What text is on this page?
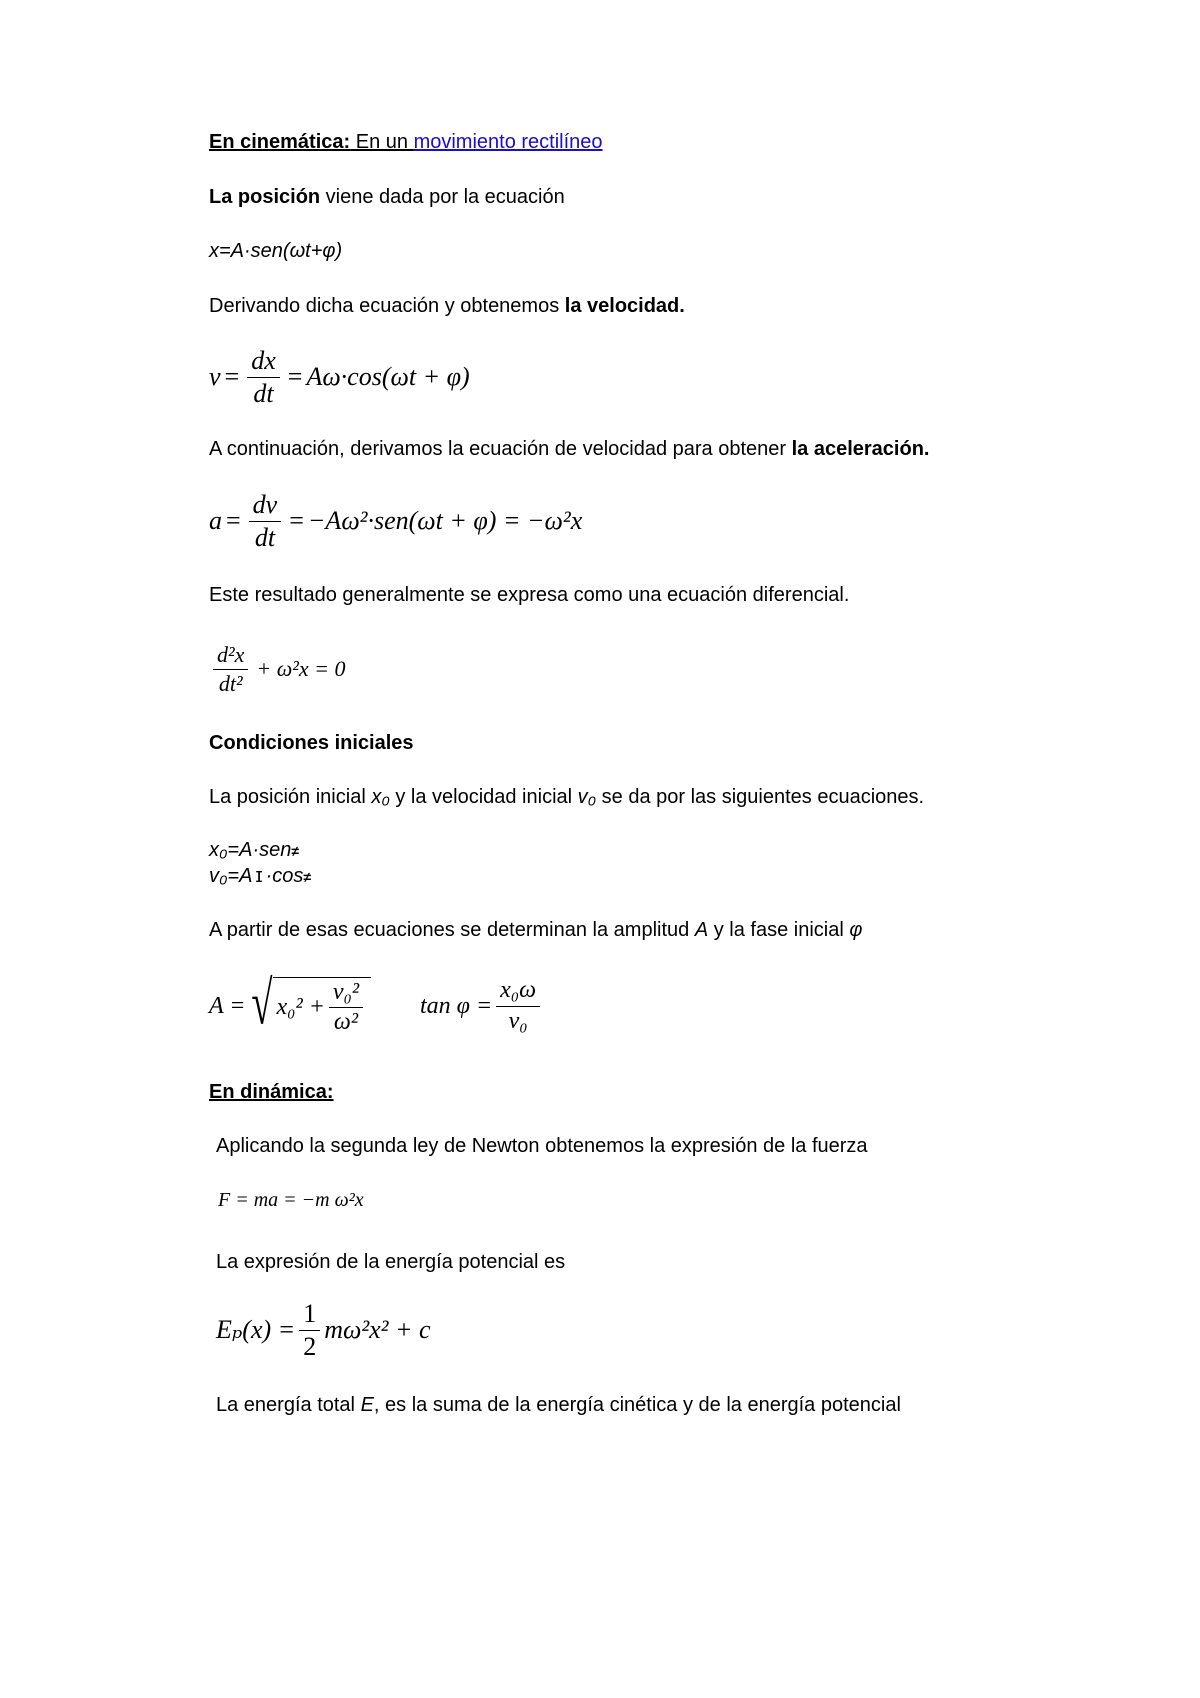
En cinemática: En un movimiento rectilíneo
La posición viene dada por la ecuación
x=A·sen(ωt+φ)
Derivando dicha ecuación y obtenemos la velocidad.
$v = \frac{dx}{dt} = A\omega\cdot\cos(\omega t + \varphi)$
A continuación, derivamos la ecuación de velocidad para obtener la aceleración.
$a = \frac{dv}{dt} = -A\omega^2\cdot sen(\omega t + \varphi) = -\omega^2x$
Este resultado generalmente se expresa como una ecuación diferencial.
$\frac{\text{d²x}}{\text{dt²}} + \omega^2x = 0$
Condiciones iniciales
La posición inicial x₀ y la velocidad inicial v₀ se da por las siguientes ecuaciones.
x₀=A·sen≠
v₀=A ɪ ·cos≠
A partir de esas ecuaciones se determinan la amplitud A y la fase inicial φ
A = √ $x_0^2 + \frac{\text{v₀²}}{\text{ω²}}$ $\tan \varphi = \frac{\text{x₀ω}}{\text{v₀}}$
En dinámica:
Aplicando la segunda ley de Newton obtenemos la expresión de la fuerza
F = ma = −m ω²x
La expresión de la energía potencial es
$E_p(x) = \frac{1}{2} m\omega^2x^2 + c$
La energía total E, es la suma de la energía cinética y de la energía potencial
